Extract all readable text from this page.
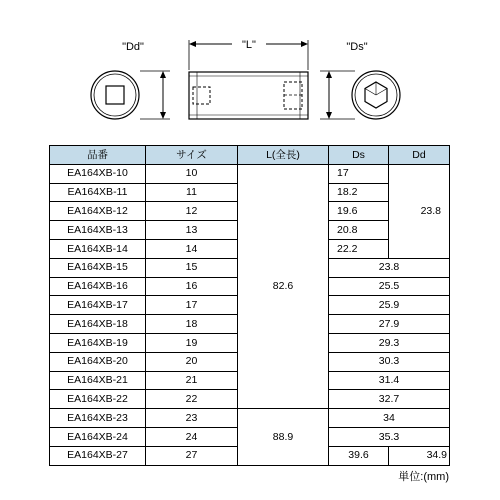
"Dd"	"L"	"Ds"
品番	サイズ	L(全長)	Ds	Dd
EA164XB-10	10	82.6	17	23.8
EA164XB-11	11		18.2	
EA164XB-12	12		19.6	
EA164XB-13	13		20.8	
EA164XB-14	14		22.2	
EA164XB-15	15		23.8	
EA164XB-16	16		25.5	
EA164XB-17	17		25.9	
EA164XB-18	18		27.9	
EA164XB-19	19		29.3	
EA164XB-20	20		30.3	
EA164XB-21	21		31.4	
EA164XB-22	22		32.7	
EA164XB-23	23	88.9	34	
EA164XB-24	24		35.3	
EA164XB-27	27		39.6	34.9
単位:(mm)
